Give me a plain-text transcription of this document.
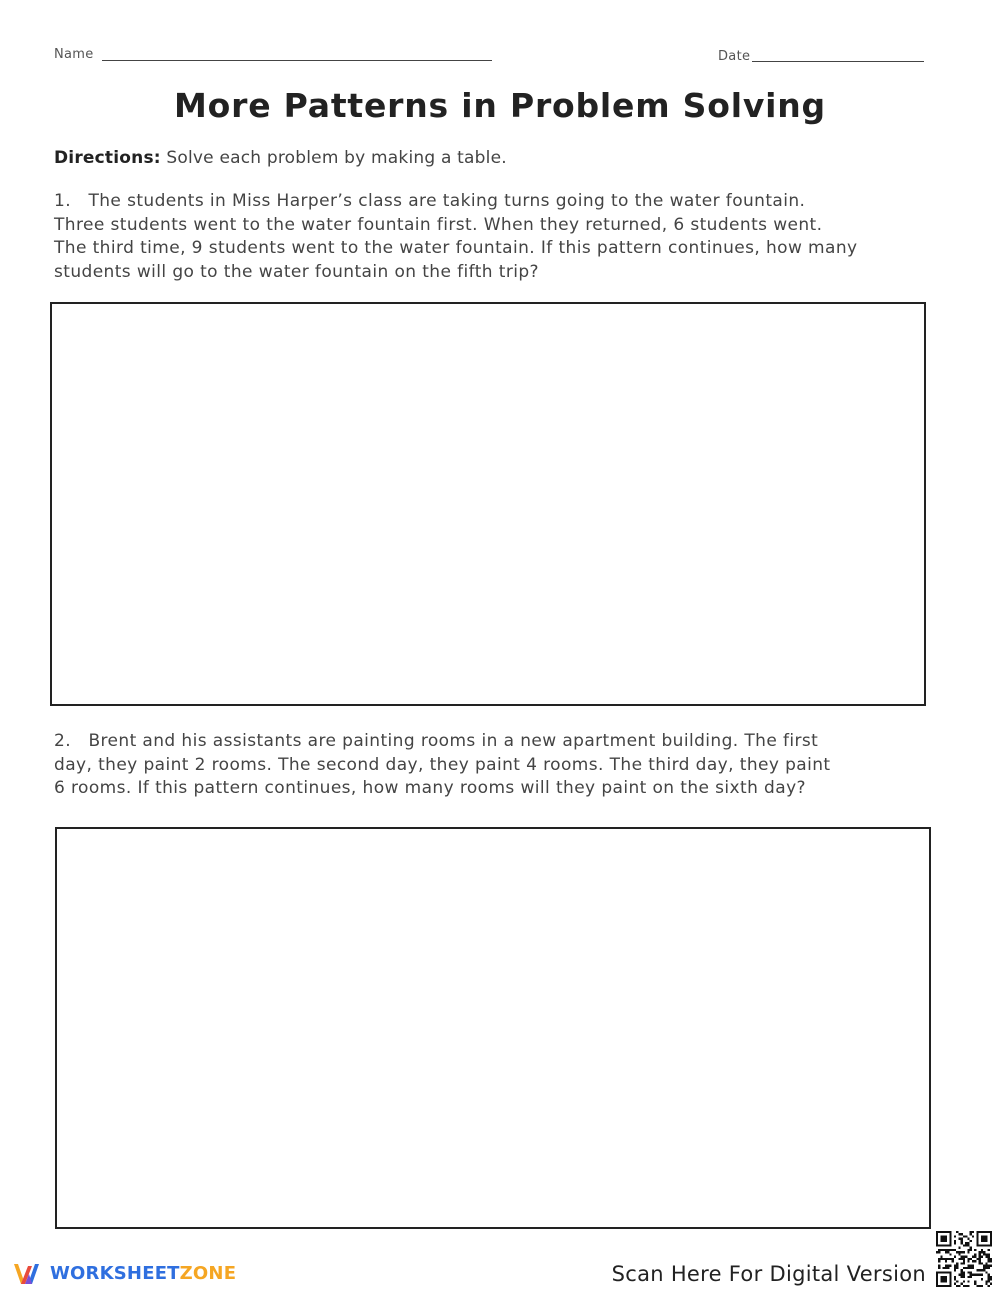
Name	Date
More Patterns in Problem Solving
Directions: Solve each problem by making a table.
1. The students in Miss Harper’s class are taking turns going to the water fountain.
Three students went to the water fountain first. When they returned, 6 students went.
The third time, 9 students went to the water fountain. If this pattern continues, how many
students will go to the water fountain on the fifth trip?
2. Brent and his assistants are painting rooms in a new apartment building. The first
day, they paint 2 rooms. The second day, they paint 4 rooms. The third day, they paint
6 rooms. If this pattern continues, how many rooms will they paint on the sixth day?
WORKSHEETZONE	Scan Here For Digital Version
